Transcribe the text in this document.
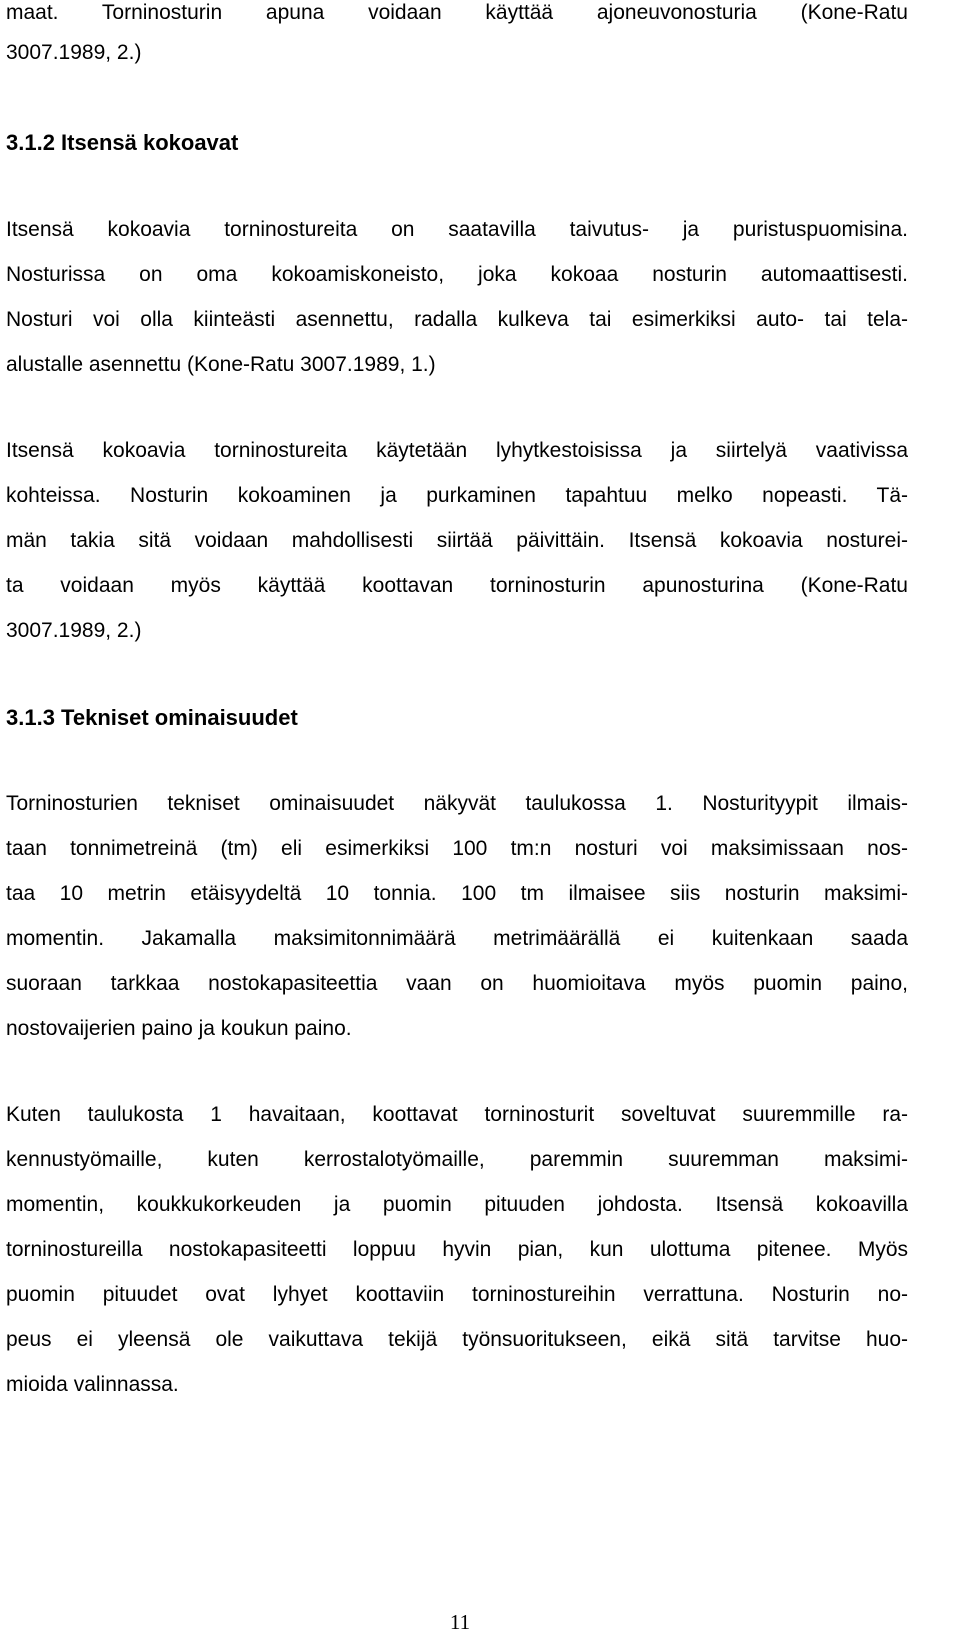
maat. Torninosturin apuna voidaan käyttää ajoneuvonosturia (Kone-Ratu
3007.1989, 2.)
3.1.2 Itsensä kokoavat
Itsensä kokoavia torninostureita on saatavilla taivutus- ja puristuspuomisina.
Nosturissa on oma kokoamiskoneisto, joka kokoaa nosturin automaattisesti.
Nosturi voi olla kiinteästi asennettu, radalla kulkeva tai esimerkiksi auto- tai tela-
alustalle asennettu (Kone-Ratu 3007.1989, 1.)
Itsensä kokoavia torninostureita käytetään lyhytkestoisissa ja siirtelyä vaativissa
kohteissa. Nosturin kokoaminen ja purkaminen tapahtuu melko nopeasti. Tä-
män takia sitä voidaan mahdollisesti siirtää päivittäin. Itsensä kokoavia nosturei-
ta voidaan myös käyttää koottavan torninosturin apunosturina (Kone-Ratu
3007.1989, 2.)
3.1.3 Tekniset ominaisuudet
Torninosturien tekniset ominaisuudet näkyvät taulukossa 1. Nosturityypit ilmais-
taan tonnimetreinä (tm) eli esimerkiksi 100 tm:n nosturi voi maksimissaan nos-
taa 10 metrin etäisyydeltä 10 tonnia. 100 tm ilmaisee siis nosturin maksimi-
momentin. Jakamalla maksimitonnimäärä metrimäärällä ei kuitenkaan saada
suoraan tarkkaa nostokapasiteettia vaan on huomioitava myös puomin paino,
nostovaijerien paino ja koukun paino.
Kuten taulukosta 1 havaitaan, koottavat torninosturit soveltuvat suuremmille ra-
kennustyömaille, kuten kerrostalotyömaille, paremmin suuremman maksimi-
momentin, koukkukorkeuden ja puomin pituuden johdosta. Itsensä kokoavilla
torninostureilla nostokapasiteetti loppuu hyvin pian, kun ulottuma pitenee. Myös
puomin pituudet ovat lyhyet koottaviin torninostureihin verrattuna. Nosturin no-
peus ei yleensä ole vaikuttava tekijä työnsuoritukseen, eikä sitä tarvitse huo-
mioida valinnassa.
11
